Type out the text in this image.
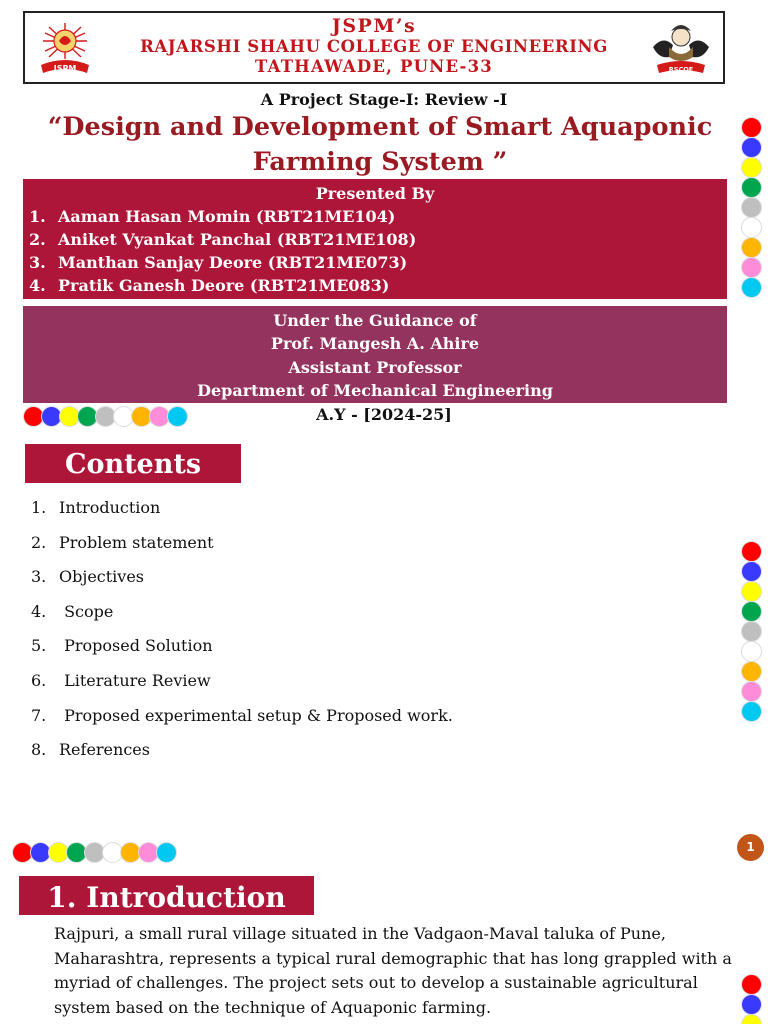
JSPM
JSPM’s
RAJARSHI SHAHU COLLEGE OF ENGINEERING
TATHAWADE, PUNE-33	RSCOE
A Project Stage-I: Review -I
“Design and Development of Smart Aquaponic Farming System ”
Presented By
1. Aaman Hasan Momin (RBT21ME104)
2. Aniket Vyankat Panchal (RBT21ME108)
3. Manthan Sanjay Deore (RBT21ME073)
4. Pratik Ganesh Deore (RBT21ME083)
Under the Guidance of
Prof. Mangesh A. Ahire
Assistant Professor
Department of Mechanical Engineering
A.Y - [2024-25]
Contents
1. Introduction
2. Problem statement
3. Objectives
4. Scope
5. Proposed Solution
6. Literature Review
7. Proposed experimental setup & Proposed work.
8. References
1
1. Introduction

Rajpuri, a small rural village situated in the Vadgaon-Maval taluka of Pune, Maharashtra, represents a typical rural demographic that has long grappled with a myriad of challenges. The project sets out to develop a sustainable agricultural system based on the technique of Aquaponic farming.
